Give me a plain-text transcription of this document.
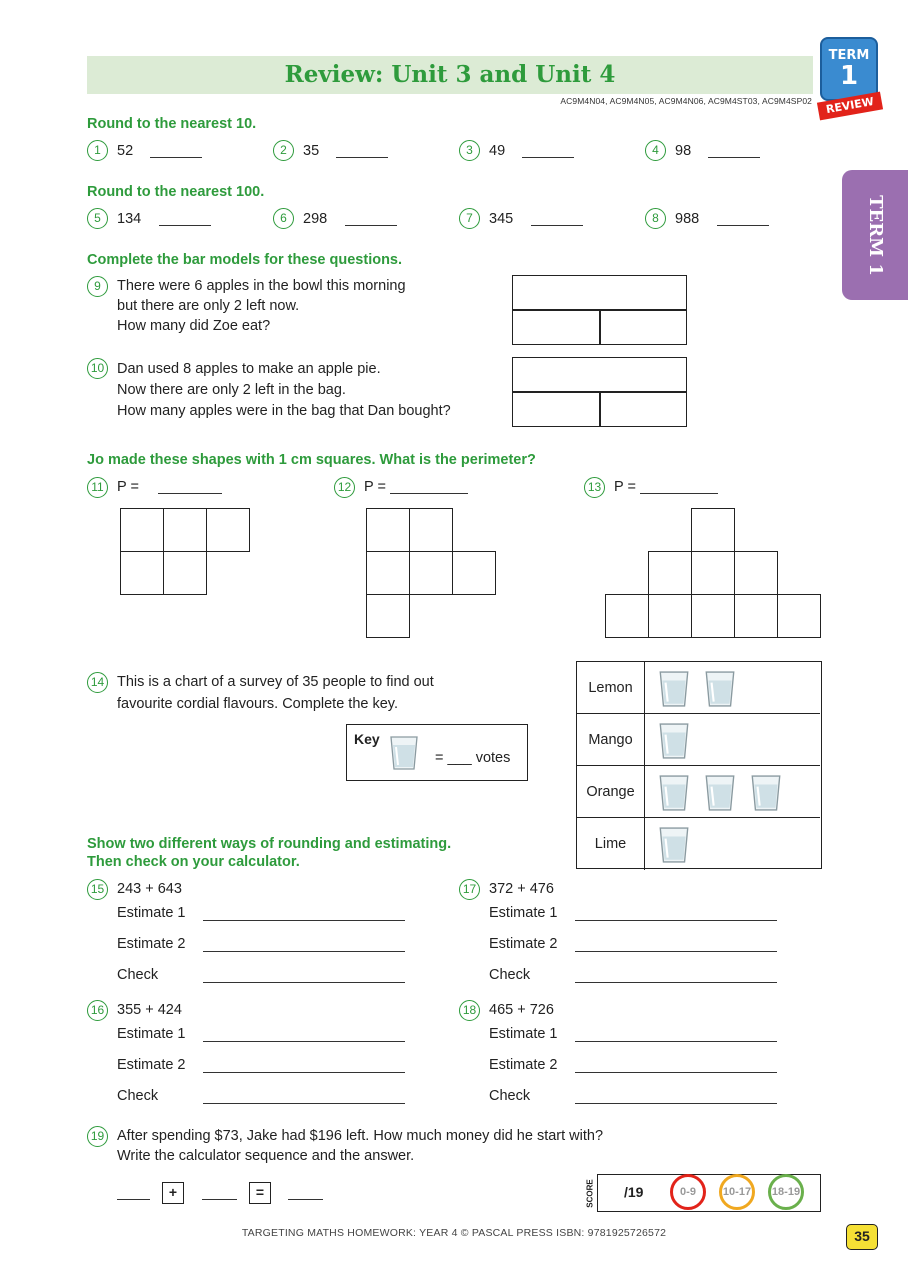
Review: Unit 3 and Unit 4
AC9M4N04, AC9M4N05, AC9M4N06, AC9M4ST03, AC9M4SP02
TERM
1
REVIEW
TERM 1
Round to the nearest 10.
1	52	2	35	3	49	4	98
Round to the nearest 100.
5	134	6	298	7	345	8	988
Complete the bar models for these questions.
9	There were 6 apples in the bowl this morning
but there are only 2 left now.
How many did Zoe eat?
10 Dan used 8 apples to make an apple pie.
Now there are only 2 left in the bag.
How many apples were in the bag that Dan bought?
Jo made these shapes with 1 cm squares. What is the perimeter?
11 P =	12 P =	13 P =
14 This is a chart of a survey of 35 people to find out
favourite cordial flavours. Complete the key.
Key
= ___ votes
Lemon
Mango
Orange
Lime
Show two different ways of rounding and estimating.
Then check on your calculator.
15 243 + 643
Estimate 1
Estimate 2
Check
16 355 + 424
Estimate 1
Estimate 2
Check
17 372 + 476
Estimate 1
Estimate 2
Check
18 465 + 726
Estimate 1
Estimate 2
Check
19 After spending $73, Jake had $196 left. How much money did he start with?
Write the calculator sequence and the answer.
+	=	SCORE /19	0-9	10-17	18-19
TARGETING MATHS HOMEWORK: YEAR 4 © PASCAL PRESS ISBN: 9781925726572	35
